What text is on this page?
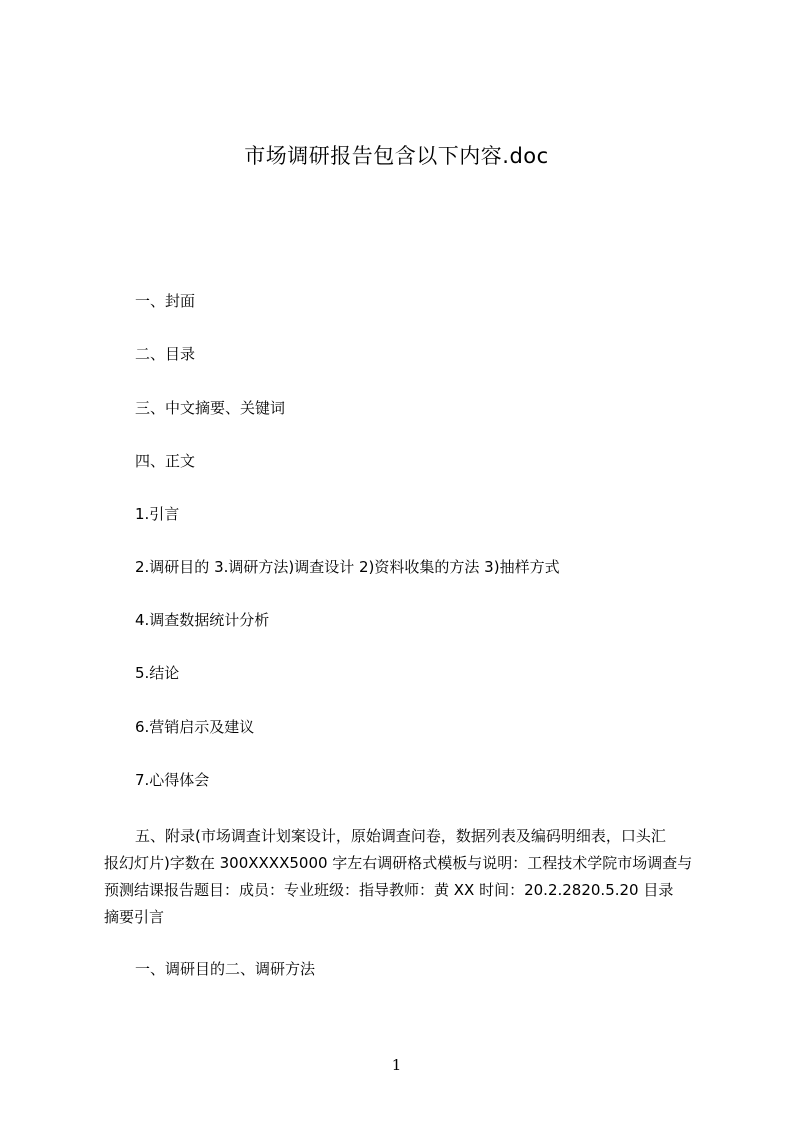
市场调研报告包含以下内容.doc
一、封面
二、目录
三、中文摘要、关键词
四、正文
1.引言
2.调研目的 3.调研方法)调查设计 2)资料收集的方法 3)抽样方式
4.调查数据统计分析
5.结论
6.营销启示及建议
7.心得体会
五、附录(市场调查计划案设计，原始调查问卷，数据列表及编码明细表，口头汇
报幻灯片)字数在 300XXXX5000 字左右调研格式模板与说明：工程技术学院市场调查与
预测结课报告题目：成员：专业班级：指导教师：黄 XX 时间：20.2.2820.5.20 目录
摘要引言
一、调研目的二、调研方法
1
